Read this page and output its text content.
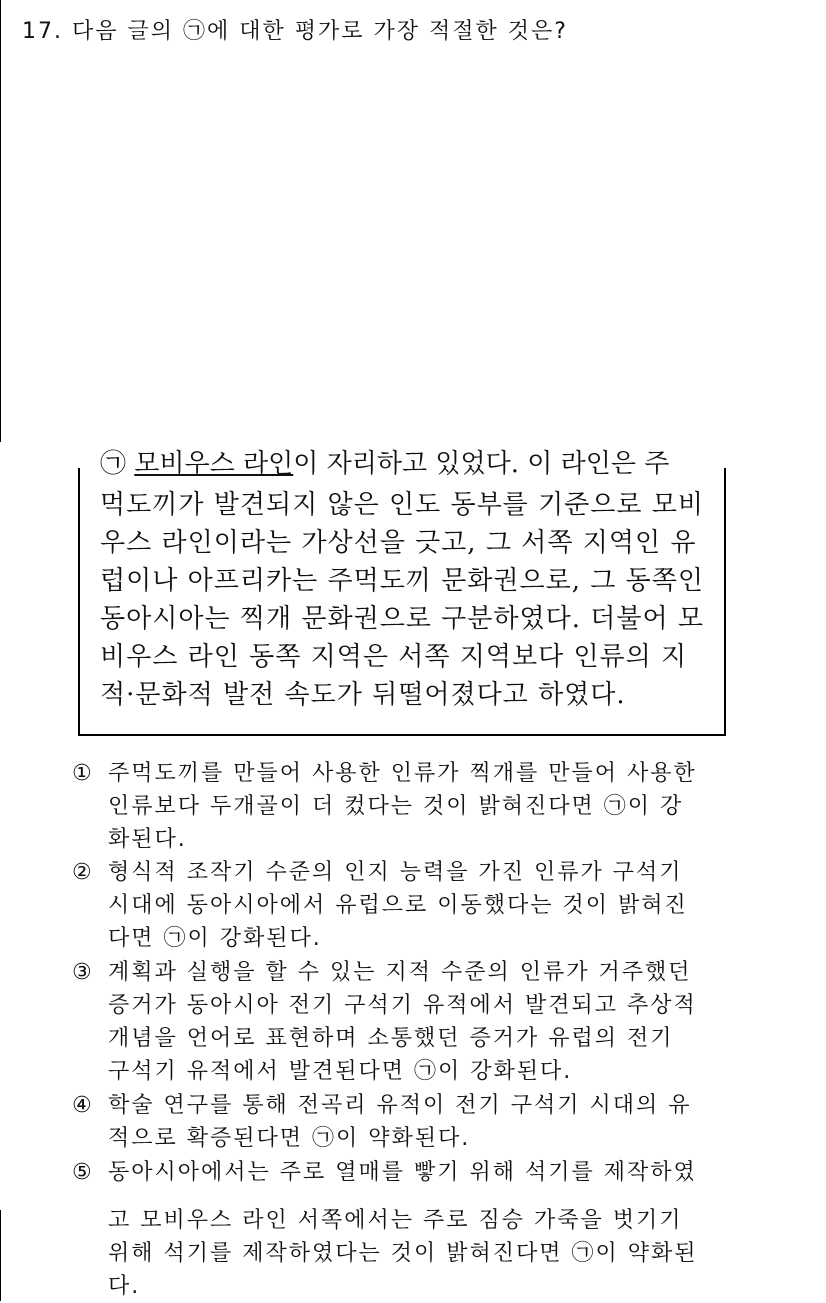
17. 다음 글의 ㉠에 대한 평가로 가장 적절한 것은?
㉠ 모비우스 라인이 자리하고 있었다. 이 라인은 주
먹도끼가 발견되지 않은 인도 동부를 기준으로 모비
우스 라인이라는 가상선을 긋고, 그 서쪽 지역인 유
럽이나 아프리카는 주먹도끼 문화권으로, 그 동쪽인
동아시아는 찍개 문화권으로 구분하였다. 더불어 모
비우스 라인 동쪽 지역은 서쪽 지역보다 인류의 지
적·문화적 발전 속도가 뒤떨어졌다고 하였다.
① 주먹도끼를 만들어 사용한 인류가 찍개를 만들어 사용한
인류보다 두개골이 더 컸다는 것이 밝혀진다면 ㉠이 강
화된다.
② 형식적 조작기 수준의 인지 능력을 가진 인류가 구석기
시대에 동아시아에서 유럽으로 이동했다는 것이 밝혀진
다면 ㉠이 강화된다.
③ 계획과 실행을 할 수 있는 지적 수준의 인류가 거주했던
증거가 동아시아 전기 구석기 유적에서 발견되고 추상적
개념을 언어로 표현하며 소통했던 증거가 유럽의 전기
구석기 유적에서 발견된다면 ㉠이 강화된다.
④ 학술 연구를 통해 전곡리 유적이 전기 구석기 시대의 유
적으로 확증된다면 ㉠이 약화된다.
⑤ 동아시아에서는 주로 열매를 빻기 위해 석기를 제작하였
고 모비우스 라인 서쪽에서는 주로 짐승 가죽을 벗기기
위해 석기를 제작하였다는 것이 밝혀진다면 ㉠이 약화된
다.
